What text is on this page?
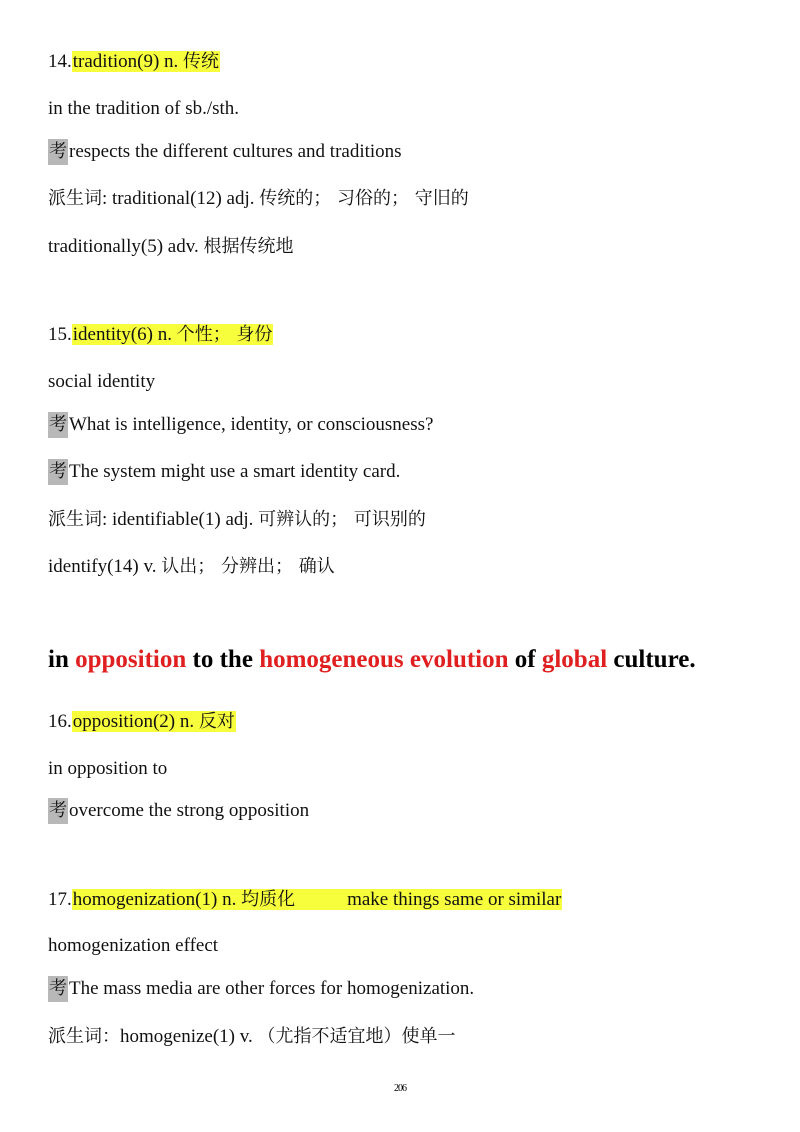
14.tradition(9) n. 传统
in the tradition of sb./sth.
考 respects the different cultures and traditions
派生词: traditional(12) adj. 传统的； 习俗的； 守旧的
traditionally(5) adv. 根据传统地
15.identity(6) n. 个性； 身份
social identity
考 What is intelligence, identity, or consciousness?
考 The system might use a smart identity card.
派生词: identifiable(1) adj. 可辨认的； 可识别的
identify(14) v. 认出； 分辨出； 确认
in opposition to the homogeneous evolution of global culture.
16.opposition(2) n. 反对
in opposition to
考 overcome the strong opposition
17.homogenization(1) n. 均质化	make things same or similar
homogenization effect
考 The mass media are other forces for homogenization.
派生词：homogenize(1) v. （尤指不适宜地）使单一
206
